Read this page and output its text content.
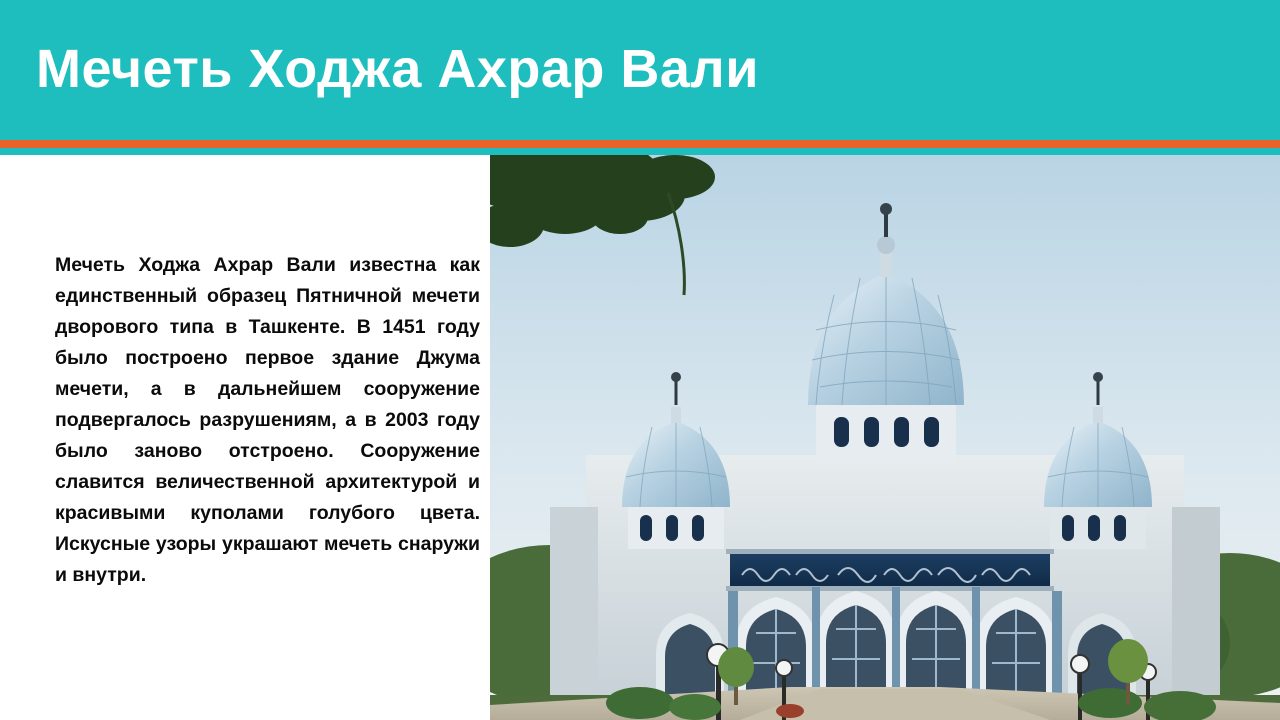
Мечеть Ходжа Ахрар Вали
Мечеть Ходжа Ахрар Вали известна как единственный образец Пятничной мечети дворового типа в Ташкенте. В 1451 году было построено первое здание Джума мечети, а в дальнейшем сооружение подвергалось разрушениям, а в 2003 году было заново отстроено. Сооружение славится величественной архитектурой и красивыми куполами голубого цвета. Искусные узоры украшают мечеть снаружи и внутри.
